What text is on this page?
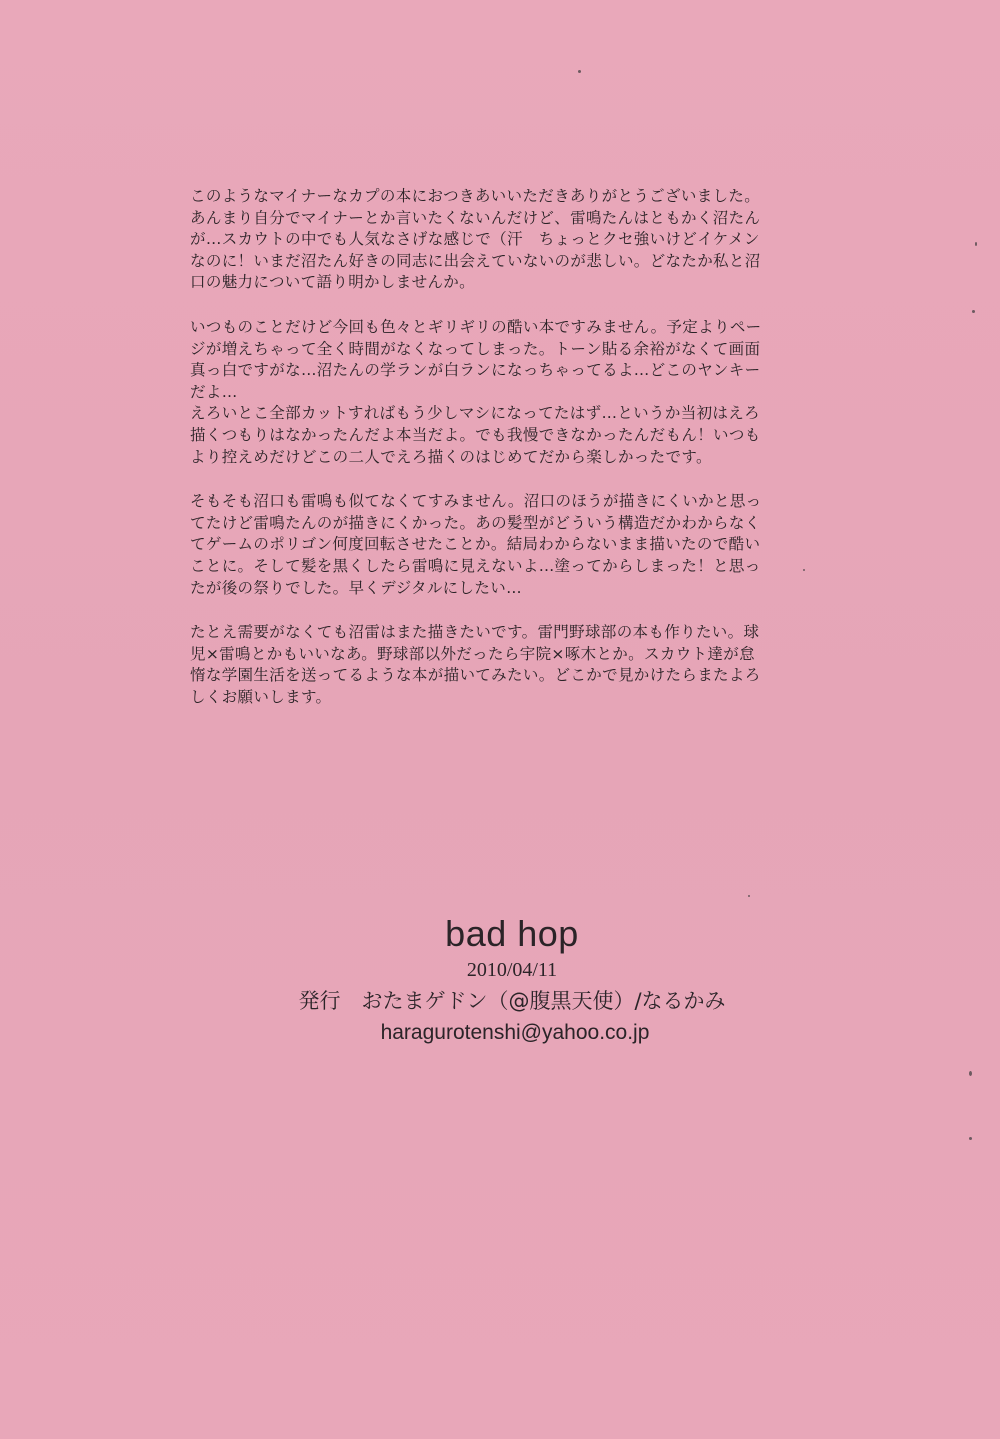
このようなマイナーなカプの本におつきあいいただきありがとうございました。
あんまり自分でマイナーとか言いたくないんだけど、雷鳴たんはともかく沼たん
が…スカウトの中でも人気なさげな感じで（汗　ちょっとクセ強いけどイケメン
なのに！いまだ沼たん好きの同志に出会えていないのが悲しい。どなたか私と沼
口の魅力について語り明かしませんか。
いつものことだけど今回も色々とギリギリの酷い本ですみません。予定よりペー
ジが増えちゃって全く時間がなくなってしまった。トーン貼る余裕がなくて画面
真っ白ですがな…沼たんの学ランが白ランになっちゃってるよ…どこのヤンキー
だよ…
えろいとこ全部カットすればもう少しマシになってたはず…というか当初はえろ
描くつもりはなかったんだよ本当だよ。でも我慢できなかったんだもん！いつも
より控えめだけどこの二人でえろ描くのはじめてだから楽しかったです。
そもそも沼口も雷鳴も似てなくてすみません。沼口のほうが描きにくいかと思っ
てたけど雷鳴たんのが描きにくかった。あの髪型がどういう構造だかわからなく
てゲームのポリゴン何度回転させたことか。結局わからないまま描いたので酷い
ことに。そして髪を黒くしたら雷鳴に見えないよ…塗ってからしまった！と思っ
たが後の祭りでした。早くデジタルにしたい…
たとえ需要がなくても沼雷はまた描きたいです。雷門野球部の本も作りたい。球
児×雷鳴とかもいいなあ。野球部以外だったら宇院×啄木とか。スカウト達が怠
惰な学園生活を送ってるような本が描いてみたい。どこかで見かけたらまたよろ
しくお願いします。
bad hop
2010/04/11
発行　おたまゲドン（@腹黒天使）/なるかみ
haragurotenshi@yahoo.co.jp
